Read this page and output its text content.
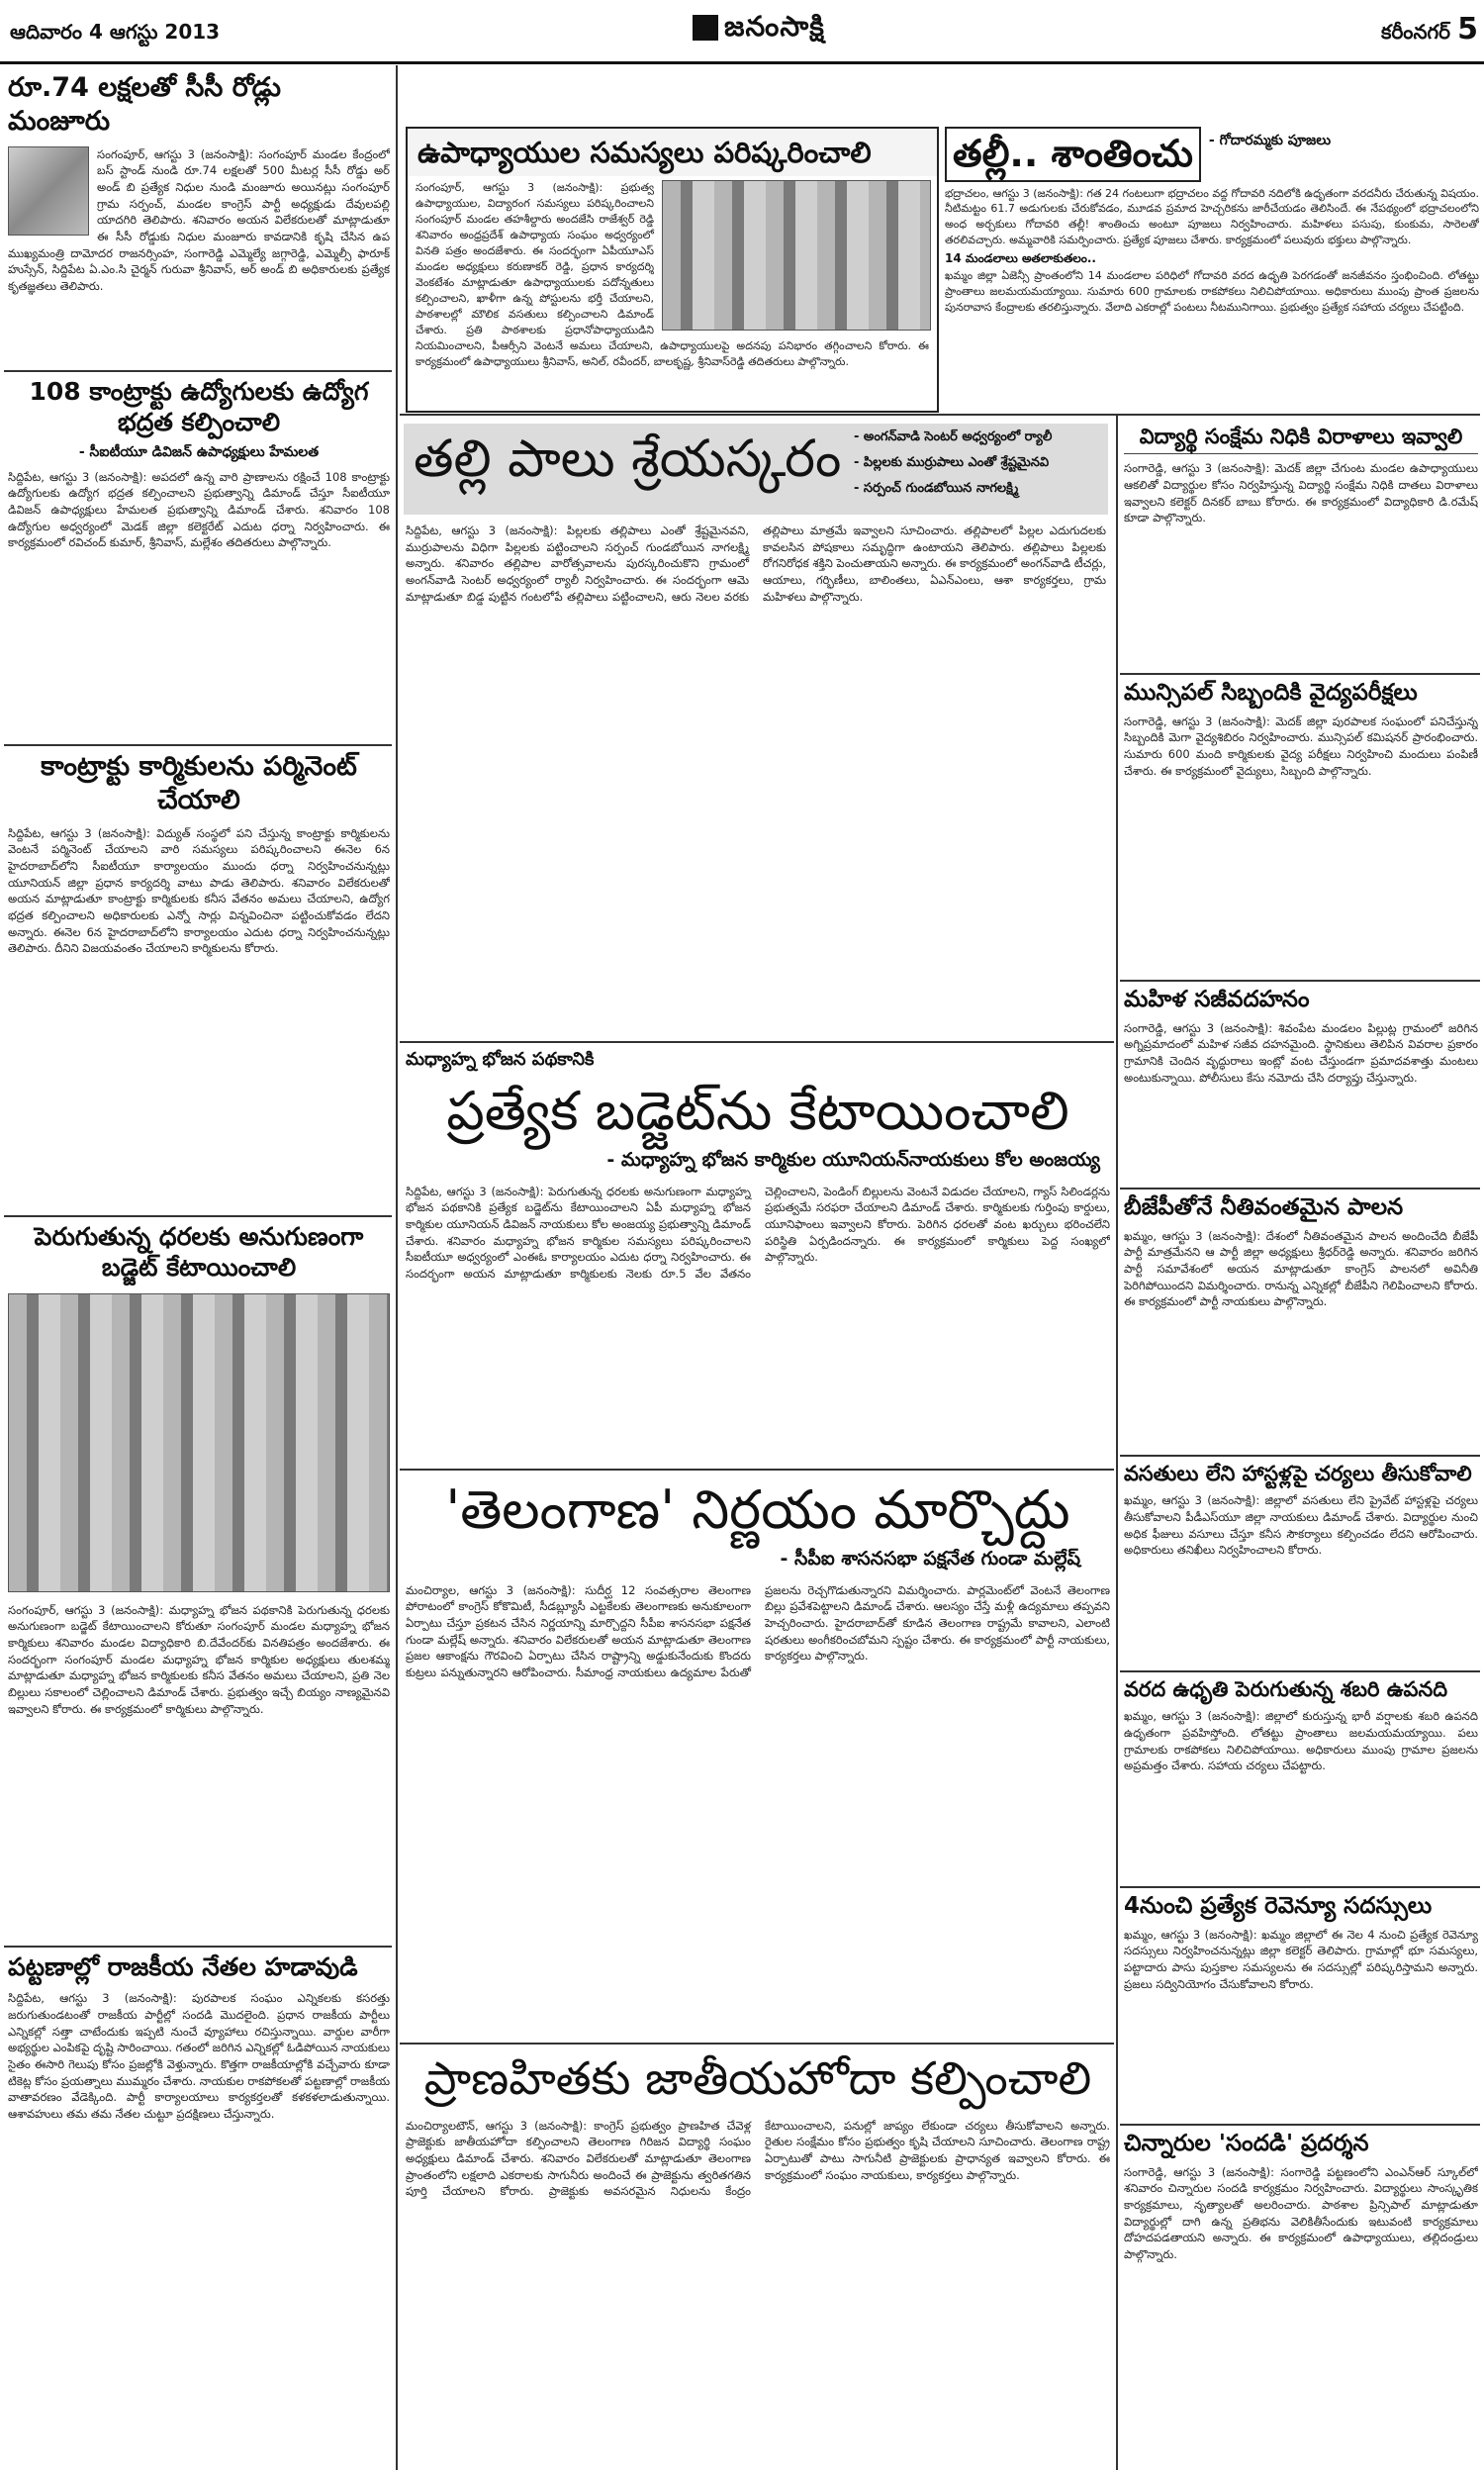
ఆదివారం 4 ఆగస్టు 2013	జనంసాక్షి	కరీంనగర్ 5
రూ.74 లక్షలతో సీసీ రోడ్లు మంజూరు
సంగంపూర్, ఆగస్టు 3 (జనంసాక్షి): సంగంపూర్ మండల కేంద్రంలో బస్ స్టాండ్ నుండి రూ.74 లక్షలతో 500 మీటర్ల సీసీ రోడ్డు అర్ అండ్ బి ప్రత్యేక నిధుల నుండి మంజూరు అయినట్లు సంగంపూర్ గ్రామ సర్పంచ్, మండల కాంగ్రెస్ పార్టీ అధ్యక్షుడు దేవులపల్లి యాదగిరి తెలిపారు. శనివారం అయన విలేకరులతో మాట్లాడుతూ ఈ సీసీ రోడ్డుకు నిధుల మంజూరు కావడానికి కృషి చేసిన ఉప ముఖ్యమంత్రి దామోదర రాజనర్సింహ, సంగారెడ్డి ఎమ్మెల్యే జగ్గారెడ్డి, ఎమ్మెల్సీ ఫారూక్ హుస్సేన్, సిద్దిపేట ఏ.ఎం.సి చైర్మన్ గురువా శ్రీనివాస్, అర్ అండ్ బి అధికారులకు ప్రత్యేక కృతజ్ఞతలు తెలిపారు.
108 కాంట్రాక్టు ఉద్యోగులకు ఉద్యోగ భద్రత కల్పించాలి
- సీఐటీయూ డివిజన్ ఉపాధ్యక్షులు హేమలత
సిద్దిపేట, ఆగస్టు 3 (జనంసాక్షి): అపదలో ఉన్న వారి ప్రాణాలను రక్షించే 108 కాంట్రాక్టు ఉద్యోగులకు ఉద్యోగ భద్రత కల్పించాలని ప్రభుత్వాన్ని డిమాండ్ చేస్తూ సీఐటీయూ డివిజన్ ఉపాధ్యక్షులు హేమలత ప్రభుత్వాన్ని డిమాండ్ చేశారు. శనివారం 108 ఉద్యోగుల అధ్వర్యంలో మెడక్ జిల్లా కలెక్టరేట్ ఎదుట ధర్నా నిర్వహించారు. ఈ కార్యక్రమంలో రవిచంద్ కుమార్, శ్రీనివాస్, మల్లేశం తదితరులు పాల్గొన్నారు.
కాంట్రాక్టు కార్మికులను పర్మినెంట్ చేయాలి
సిద్దిపేట, ఆగస్టు 3 (జనంసాక్షి): విద్యుత్ సంస్థలో పని చేస్తున్న కాంట్రాక్టు కార్మికులను వెంటనే పర్మినెంట్ చేయాలని వారి సమస్యలు పరిష్కరించాలని ఈనెల 6న హైదరాబాద్‌లోని సీఐటీయూ కార్యాలయం ముందు ధర్నా నిర్వహించనున్నట్లు యూనియన్ జిల్లా ప్రధాన కార్యదర్శి వాటు పాడు తెలిపారు. శనివారం విలేకరులతో అయన మాట్లాడుతూ కాంట్రాక్టు కార్మికులకు కనీస వేతనం అమలు చేయాలని, ఉద్యోగ భద్రత కల్పించాలని అధికారులకు ఎన్నో సార్లు విన్నవించినా పట్టించుకోవడం లేదని అన్నారు. ఈనెల 6న హైదరాబాద్‌లోని కార్యాలయం ఎదుట ధర్నా నిర్వహించనున్నట్లు తెలిపారు. దీనిని విజయవంతం చేయాలని కార్మికులను కోరారు.
పెరుగుతున్న ధరలకు అనుగుణంగా బడ్జెట్ కేటాయించాలి
సంగంపూర్, ఆగస్టు 3 (జనంసాక్షి): మధ్యాహ్న భోజన పథకానికి పెరుగుతున్న ధరలకు అనుగుణంగా బడ్జెట్ కేటాయించాలని కోరుతూ సంగంపూర్ మండల మధ్యాహ్న భోజన కార్మికులు శనివారం మండల విద్యాధికారి బి.దేవేందర్‌కు వినతిపత్రం అందజేశారు. ఈ సందర్భంగా సంగంపూర్ మండల మధ్యాహ్న భోజన కార్మికుల అధ్యక్షులు తులశమ్మ మాట్లాడుతూ మధ్యాహ్న భోజన కార్మికులకు కనీస వేతనం అమలు చేయాలని, ప్రతి నెల బిల్లులు సకాలంలో చెల్లించాలని డిమాండ్ చేశారు. ప్రభుత్వం ఇచ్చే బియ్యం నాణ్యమైనవి ఇవ్వాలని కోరారు. ఈ కార్యక్రమంలో కార్మికులు పాల్గొన్నారు.
పట్టణాల్లో రాజకీయ నేతల హడావుడి
సిద్దిపేట, ఆగస్టు 3 (జనంసాక్షి): పురపాలక సంఘం ఎన్నికలకు కసరత్తు జరుగుతుండటంతో రాజకీయ పార్టీల్లో సందడి మొదలైంది. ప్రధాన రాజకీయ పార్టీలు ఎన్నికల్లో సత్తా చాటేందుకు ఇప్పటి నుంచే వ్యూహాలు రచిస్తున్నాయి. వార్డుల వారీగా అభ్యర్థుల ఎంపికపై దృష్టి సారించాయి. గతంలో జరిగిన ఎన్నికల్లో ఓడిపోయిన నాయకులు సైతం ఈసారి గెలుపు కోసం ప్రజల్లోకి వెళ్తున్నారు. కొత్తగా రాజకీయాల్లోకి వచ్చేవారు కూడా టికెట్ల కోసం ప్రయత్నాలు ముమ్మరం చేశారు. నాయకుల రాకపోకలతో పట్టణాల్లో రాజకీయ వాతావరణం వేడెక్కింది. పార్టీ కార్యాలయాలు కార్యకర్తలతో కళకళలాడుతున్నాయి. ఆశావహులు తమ తమ నేతల చుట్టూ ప్రదక్షిణలు చేస్తున్నారు.
ఉపాధ్యాయుల సమస్యలు పరిష్కరించాలి
సంగంపూర్, ఆగస్టు 3 (జనంసాక్షి): ప్రభుత్వ ఉపాధ్యాయుల, విద్యారంగ సమస్యలు పరిష్కరించాలని సంగంపూర్ మండల తహశీల్దారు అందజేసి రాజేశ్వర్ రెడ్డి శనివారం అంధ్రప్రదేశ్ ఉపాధ్యాయ సంఘం అధ్వర్యంలో వినతి పత్రం అందజేశారు. ఈ సందర్భంగా ఏపీయూఎస్ మండల అధ్యక్షులు కరుణాకర్ రెడ్డి, ప్రధాన కార్యదర్శి వెంకటేశం మాట్లాడుతూ ఉపాధ్యాయులకు పదోన్నతులు కల్పించాలని, ఖాళీగా ఉన్న పోస్టులను భర్తీ చేయాలని, పాఠశాలల్లో మౌలిక వసతులు కల్పించాలని డిమాండ్ చేశారు. ప్రతి పాఠశాలకు ప్రధానోపాధ్యాయుడిని నియమించాలని, పీఆర్సీని వెంటనే అమలు చేయాలని, ఉపాధ్యాయులపై అదనపు పనిభారం తగ్గించాలని కోరారు. ఈ కార్యక్రమంలో ఉపాధ్యాయులు శ్రీనివాస్, అనిల్, రవీందర్, బాలకృష్ణ, శ్రీనివాస్‌రెడ్డి తదితరులు పాల్గొన్నారు.
తల్లీ.. శాంతించు	- గోదారమ్మకు పూజలు
భద్రాచలం, ఆగస్టు 3 (జనంసాక్షి): గత 24 గంటలుగా భద్రాచలం వద్ద గోదావరి నదిలోకి ఉధృతంగా వరదనీరు చేరుతున్న విషయం. నీటిమట్టం 61.7 అడుగులకు చేరుకోవడం, మూడవ ప్రమాద హెచ్చరికను జారీచేయడం తెలిసిందే. ఈ నేపథ్యంలో భద్రాచలంలోని అంధ అర్చకులు గోదావరి తల్లీ! శాంతించు అంటూ పూజలు నిర్వహించారు. మహిళలు పసుపు, కుంకుమ, సారెలతో తరలివచ్చారు. అమ్మవారికి సమర్పించారు. ప్రత్యేక పూజలు చేశారు. కార్యక్రమంలో పలువురు భక్తులు పాల్గొన్నారు.
14 మండలాలు అతలాకుతలం..
ఖమ్మం జిల్లా ఏజెన్సీ ప్రాంతంలోని 14 మండలాల పరిధిలో గోదావరి వరద ఉధృతి పెరగడంతో జనజీవనం స్తంభించింది. లోతట్టు ప్రాంతాలు జలమయమయ్యాయి. సుమారు 600 గ్రామాలకు రాకపోకలు నిలిచిపోయాయి. అధికారులు ముంపు ప్రాంత ప్రజలను పునరావాస కేంద్రాలకు తరలిస్తున్నారు. వేలాది ఎకరాల్లో పంటలు నీటమునిగాయి. ప్రభుత్వం ప్రత్యేక సహాయ చర్యలు చేపట్టింది.
తల్లి పాలు శ్రేయస్కరం - అంగన్‌వాడి సెంటర్ అధ్వర్యంలో ర్యాలీ
- పిల్లలకు ముర్రుపాలు ఎంతో శ్రేష్టమైనవి
- సర్పంచ్ గుండబోయిన నాగలక్ష్మి
సిద్దిపేట, ఆగస్టు 3 (జనంసాక్షి): పిల్లలకు తల్లిపాలు ఎంతో శ్రేష్టమైనవని, ముర్రుపాలను విధిగా పిల్లలకు పట్టించాలని సర్పంచ్ గుండబోయిన నాగలక్ష్మి అన్నారు. శనివారం తల్లిపాల వారోత్సవాలను పురస్కరించుకొని గ్రామంలో అంగన్‌వాడి సెంటర్ అధ్వర్యంలో ర్యాలీ నిర్వహించారు. ఈ సందర్భంగా ఆమె మాట్లాడుతూ బిడ్డ పుట్టిన గంటలోపే తల్లిపాలు పట్టించాలని, ఆరు నెలల వరకు తల్లిపాలు మాత్రమే ఇవ్వాలని సూచించారు. తల్లిపాలలో పిల్లల ఎదుగుదలకు కావలసిన పోషకాలు సమృద్ధిగా ఉంటాయని తెలిపారు. తల్లిపాలు పిల్లలకు రోగనిరోధక శక్తిని పెంచుతాయని అన్నారు. ఈ కార్యక్రమంలో అంగన్‌వాడి టీచర్లు, ఆయాలు, గర్భిణీలు, బాలింతలు, ఏఎన్ఎంలు, ఆశా కార్యకర్తలు, గ్రామ మహిళలు పాల్గొన్నారు.
మధ్యాహ్న భోజన పథకానికి
ప్రత్యేక బడ్జెట్‌ను కేటాయించాలి
- మధ్యాహ్న భోజన కార్మికుల యూనియన్‌నాయకులు కోల అంజయ్య
సిద్దిపేట, ఆగస్టు 3 (జనంసాక్షి): పెరుగుతున్న ధరలకు అనుగుణంగా మధ్యాహ్న భోజన పథకానికి ప్రత్యేక బడ్జెట్‌ను కేటాయించాలని ఏపీ మధ్యాహ్న భోజన కార్మికుల యూనియన్ డివిజన్ నాయకులు కోల అంజయ్య ప్రభుత్వాన్ని డిమాండ్ చేశారు. శనివారం మధ్యాహ్న భోజన కార్మికుల సమస్యలు పరిష్కరించాలని సీఐటీయూ అధ్వర్యంలో ఎంఈఓ కార్యాలయం ఎదుట ధర్నా నిర్వహించారు. ఈ సందర్భంగా అయన మాట్లాడుతూ కార్మికులకు నెలకు రూ.5 వేల వేతనం చెల్లించాలని, పెండింగ్ బిల్లులను వెంటనే విడుదల చేయాలని, గ్యాస్ సిలిండర్లను ప్రభుత్వమే సరఫరా చేయాలని డిమాండ్ చేశారు. కార్మికులకు గుర్తింపు కార్డులు, యూనిఫాంలు ఇవ్వాలని కోరారు. పెరిగిన ధరలతో వంట ఖర్చులు భరించలేని పరిస్థితి ఏర్పడిందన్నారు. ఈ కార్యక్రమంలో కార్మికులు పెద్ద సంఖ్యలో పాల్గొన్నారు.
'తెలంగాణ' నిర్ణయం మార్చొద్దు
- సీపీఐ శాసనసభా పక్షనేత గుండా మల్లేష్
మంచిర్యాల, ఆగస్టు 3 (జనంసాక్షి): సుదీర్ఘ 12 సంవత్సరాల తెలంగాణ పోరాటంలో కాంగ్రెస్ కోకొమిటీ, సీడబ్ల్యూసీ ఎట్టకేలకు తెలంగాణకు అనుకూలంగా ఏర్పాటు చేస్తూ ప్రకటన చేసిన నిర్ణయాన్ని మార్చొద్దని సీపీఐ శాసనసభా పక్షనేత గుండా మల్లేష్ అన్నారు. శనివారం విలేకరులతో అయన మాట్లాడుతూ తెలంగాణ ప్రజల ఆకాంక్షను గౌరవించి ఏర్పాటు చేసిన రాష్ట్రాన్ని అడ్డుకునేందుకు కొందరు కుట్రలు పన్నుతున్నారని ఆరోపించారు. సీమాంధ్ర నాయకులు ఉద్యమాల పేరుతో ప్రజలను రెచ్చగొడుతున్నారని విమర్శించారు. పార్లమెంట్‌లో వెంటనే తెలంగాణ బిల్లు ప్రవేశపెట్టాలని డిమాండ్ చేశారు. ఆలస్యం చేస్తే మళ్లీ ఉద్యమాలు తప్పవని హెచ్చరించారు. హైదరాబాద్‌తో కూడిన తెలంగాణ రాష్ట్రమే కావాలని, ఎలాంటి షరతులు అంగీకరించబోమని స్పష్టం చేశారు. ఈ కార్యక్రమంలో పార్టీ నాయకులు, కార్యకర్తలు పాల్గొన్నారు.
ప్రాణహితకు జాతీయహోదా కల్పించాలి
మంచిర్యాలటౌన్, ఆగస్టు 3 (జనంసాక్షి): కాంగ్రెస్ ప్రభుత్వం ప్రాణహిత చేవెళ్ల ప్రాజెక్టుకు జాతీయహోదా కల్పించాలని తెలంగాణ గిరిజన విద్యార్థి సంఘం అధ్యక్షులు డిమాండ్ చేశారు. శనివారం విలేకరులతో మాట్లాడుతూ తెలంగాణ ప్రాంతంలోని లక్షలాది ఎకరాలకు సాగునీరు అందించే ఈ ప్రాజెక్టును త్వరితగతిన పూర్తి చేయాలని కోరారు. ప్రాజెక్టుకు అవసరమైన నిధులను కేంద్రం కేటాయించాలని, పనుల్లో జాప్యం లేకుండా చర్యలు తీసుకోవాలని అన్నారు. రైతుల సంక్షేమం కోసం ప్రభుత్వం కృషి చేయాలని సూచించారు. తెలంగాణ రాష్ట్ర ఏర్పాటుతో పాటు సాగునీటి ప్రాజెక్టులకు ప్రాధాన్యత ఇవ్వాలని కోరారు. ఈ కార్యక్రమంలో సంఘం నాయకులు, కార్యకర్తలు పాల్గొన్నారు.
విద్యార్థి సంక్షేమ నిధికి విరాళాలు ఇవ్వాలి
సంగారెడ్డి, ఆగస్టు 3 (జనంసాక్షి): మెదక్ జిల్లా చేగుంట మండల ఉపాధ్యాయులు ఆకలితో విద్యార్థుల కోసం నిర్వహిస్తున్న విద్యార్థి సంక్షేమ నిధికి దాతలు విరాళాలు ఇవ్వాలని కలెక్టర్ దినకర్ బాబు కోరారు. ఈ కార్యక్రమంలో విద్యాధికారి డి.రమేష్ కూడా పాల్గొన్నారు.
మున్సిపల్ సిబ్బందికి వైద్యపరీక్షలు
సంగారెడ్డి, ఆగస్టు 3 (జనంసాక్షి): మెదక్ జిల్లా పురపాలక సంఘంలో పనిచేస్తున్న సిబ్బందికి మెగా వైద్యశిబిరం నిర్వహించారు. మున్సిపల్ కమిషనర్ ప్రారంభించారు. సుమారు 600 మంది కార్మికులకు వైద్య పరీక్షలు నిర్వహించి మందులు పంపిణీ చేశారు. ఈ కార్యక్రమంలో వైద్యులు, సిబ్బంది పాల్గొన్నారు.
మహిళ సజీవదహనం
సంగారెడ్డి, ఆగస్టు 3 (జనంసాక్షి): శివంపేట మండలం పిల్లుట్ల గ్రామంలో జరిగిన అగ్నిప్రమాదంలో మహిళ సజీవ దహనమైంది. స్థానికులు తెలిపిన వివరాల ప్రకారం గ్రామానికి చెందిన వృద్ధురాలు ఇంట్లో వంట చేస్తుండగా ప్రమాదవశాత్తు మంటలు అంటుకున్నాయి. పోలీసులు కేసు నమోదు చేసి దర్యాప్తు చేస్తున్నారు.
బీజేపీతోనే నీతివంతమైన పాలన
ఖమ్మం, ఆగస్టు 3 (జనంసాక్షి): దేశంలో నీతివంతమైన పాలన అందించేది బీజేపీ పార్టీ మాత్రమేనని ఆ పార్టీ జిల్లా అధ్యక్షులు శ్రీధర్‌రెడ్డి అన్నారు. శనివారం జరిగిన పార్టీ సమావేశంలో అయన మాట్లాడుతూ కాంగ్రెస్ పాలనలో అవినీతి పెరిగిపోయిందని విమర్శించారు. రానున్న ఎన్నికల్లో బీజేపీని గెలిపించాలని కోరారు. ఈ కార్యక్రమంలో పార్టీ నాయకులు పాల్గొన్నారు.
వసతులు లేని హాస్టళ్లపై చర్యలు తీసుకోవాలి
ఖమ్మం, ఆగస్టు 3 (జనంసాక్షి): జిల్లాలో వసతులు లేని ప్రైవేట్ హాస్టళ్లపై చర్యలు తీసుకోవాలని పీడీఎస్‌యూ జిల్లా నాయకులు డిమాండ్ చేశారు. విద్యార్థుల నుంచి అధిక ఫీజులు వసూలు చేస్తూ కనీస సౌకర్యాలు కల్పించడం లేదని ఆరోపించారు. అధికారులు తనిఖీలు నిర్వహించాలని కోరారు.
వరద ఉధృతి పెరుగుతున్న శబరి ఉపనది
ఖమ్మం, ఆగస్టు 3 (జనంసాక్షి): జిల్లాలో కురుస్తున్న భారీ వర్షాలకు శబరి ఉపనది ఉధృతంగా ప్రవహిస్తోంది. లోతట్టు ప్రాంతాలు జలమయమయ్యాయి. పలు గ్రామాలకు రాకపోకలు నిలిచిపోయాయి. అధికారులు ముంపు గ్రామాల ప్రజలను అప్రమత్తం చేశారు. సహాయ చర్యలు చేపట్టారు.
4నుంచి ప్రత్యేక రెవెన్యూ సదస్సులు
ఖమ్మం, ఆగస్టు 3 (జనంసాక్షి): ఖమ్మం జిల్లాలో ఈ నెల 4 నుంచి ప్రత్యేక రెవెన్యూ సదస్సులు నిర్వహించనున్నట్లు జిల్లా కలెక్టర్ తెలిపారు. గ్రామాల్లో భూ సమస్యలు, పట్టాదారు పాసు పుస్తకాల సమస్యలను ఈ సదస్సుల్లో పరిష్కరిస్తామని అన్నారు. ప్రజలు సద్వినియోగం చేసుకోవాలని కోరారు.
చిన్నారుల 'సందడి' ప్రదర్శన
సంగారెడ్డి, ఆగస్టు 3 (జనంసాక్షి): సంగారెడ్డి పట్టణంలోని ఎంఎన్ఆర్ స్కూల్‌లో శనివారం చిన్నారుల సందడి కార్యక్రమం నిర్వహించారు. విద్యార్థులు సాంస్కృతిక కార్యక్రమాలు, నృత్యాలతో అలరించారు. పాఠశాల ప్రిన్సిపాల్ మాట్లాడుతూ విద్యార్థుల్లో దాగి ఉన్న ప్రతిభను వెలికితీసేందుకు ఇటువంటి కార్యక్రమాలు దోహదపడతాయని అన్నారు. ఈ కార్యక్రమంలో ఉపాధ్యాయులు, తల్లిదండ్రులు పాల్గొన్నారు.
